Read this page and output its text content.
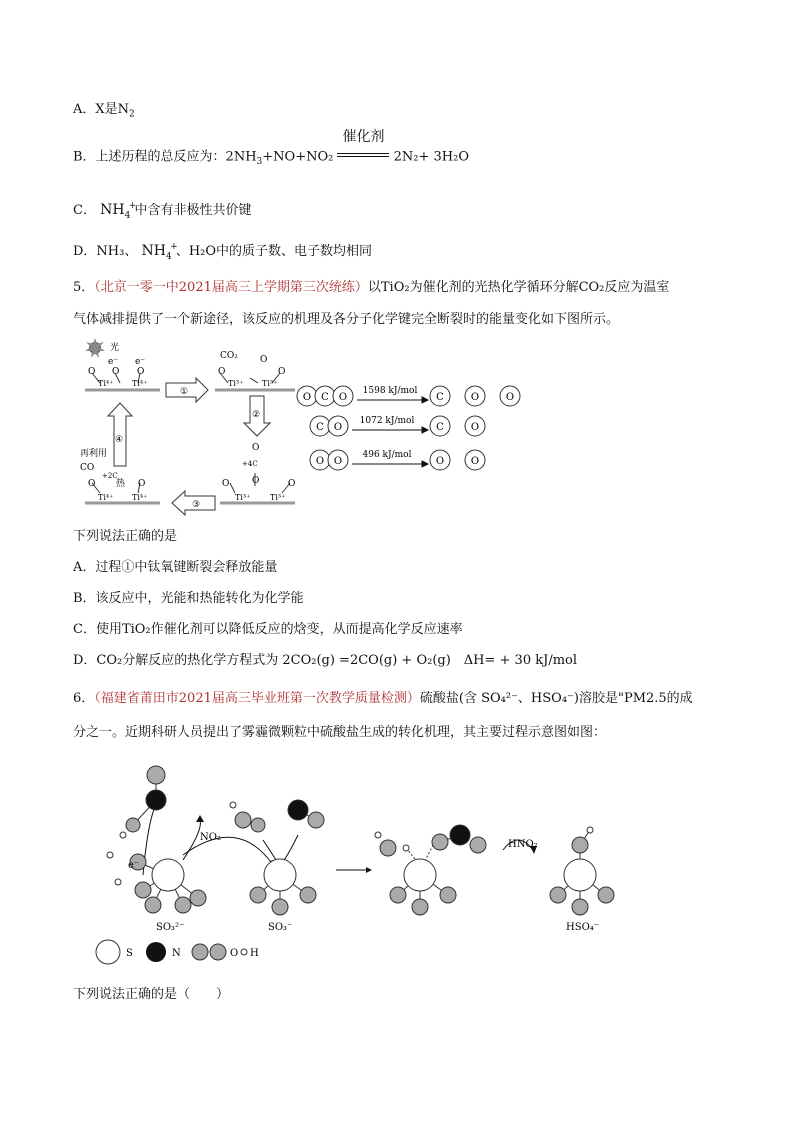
A．X是$N_2$
B．上述历程的总反应为：$2NH_3+NO+NO_2$
催化剂
2N₂+ 3H₂O
C． NH +
$_4$ 中含有非极性共价键
D．NH₃、 NH +
$_4$ 、H₂O中的质子数、电子数均相同
5．（北京一零一中2021届高三上学期第三次统练）以TiO₂为催化剂的光热化学循环分解CO₂反应为温室
气体减排提供了一个新途径，该反应的机理及各分子化学键完全断裂时的能量变化如下图所示。
光
e⁻ e⁻
O O O
Ti⁴⁺ Ti⁴⁺
①
CO₂
O
O
O
Ti³⁺ Ti³⁺
②
O
+4C
O
O	O
Ti³⁺ Ti³⁺
③
再利用
CO
+2C
热
O	O
Ti⁴⁺ Ti⁴⁺
④
O C O	C	O	O
C O	C	O
O O	O	O
1598 kJ/mol
1072 kJ/mol
496 kJ/mol
下列说法正确的是
A．过程①中钛氧键断裂会释放能量
B．该反应中，光能和热能转化为化学能
C．使用TiO₂作催化剂可以降低反应的焓变，从而提高化学反应速率
D．CO₂分解反应的热化学方程式为 2CO₂(g) =2CO(g) + O₂(g)　ΔH= + 30 kJ/mol
6．（福建省莆田市2021届高三毕业班第一次教学质量检测）硫酸盐(含 SO₄²⁻、HSO₄⁻)溶胶是"PM2.5的成
分之一。近期科研人员提出了雾霾微颗粒中硫酸盐生成的转化机理，其主要过程示意图如图：
e⁻
NO₂
HNO₂
SO₃²⁻	SO₃⁻	HSO₄⁻
S	N	O H
下列说法正确的是（　　）
